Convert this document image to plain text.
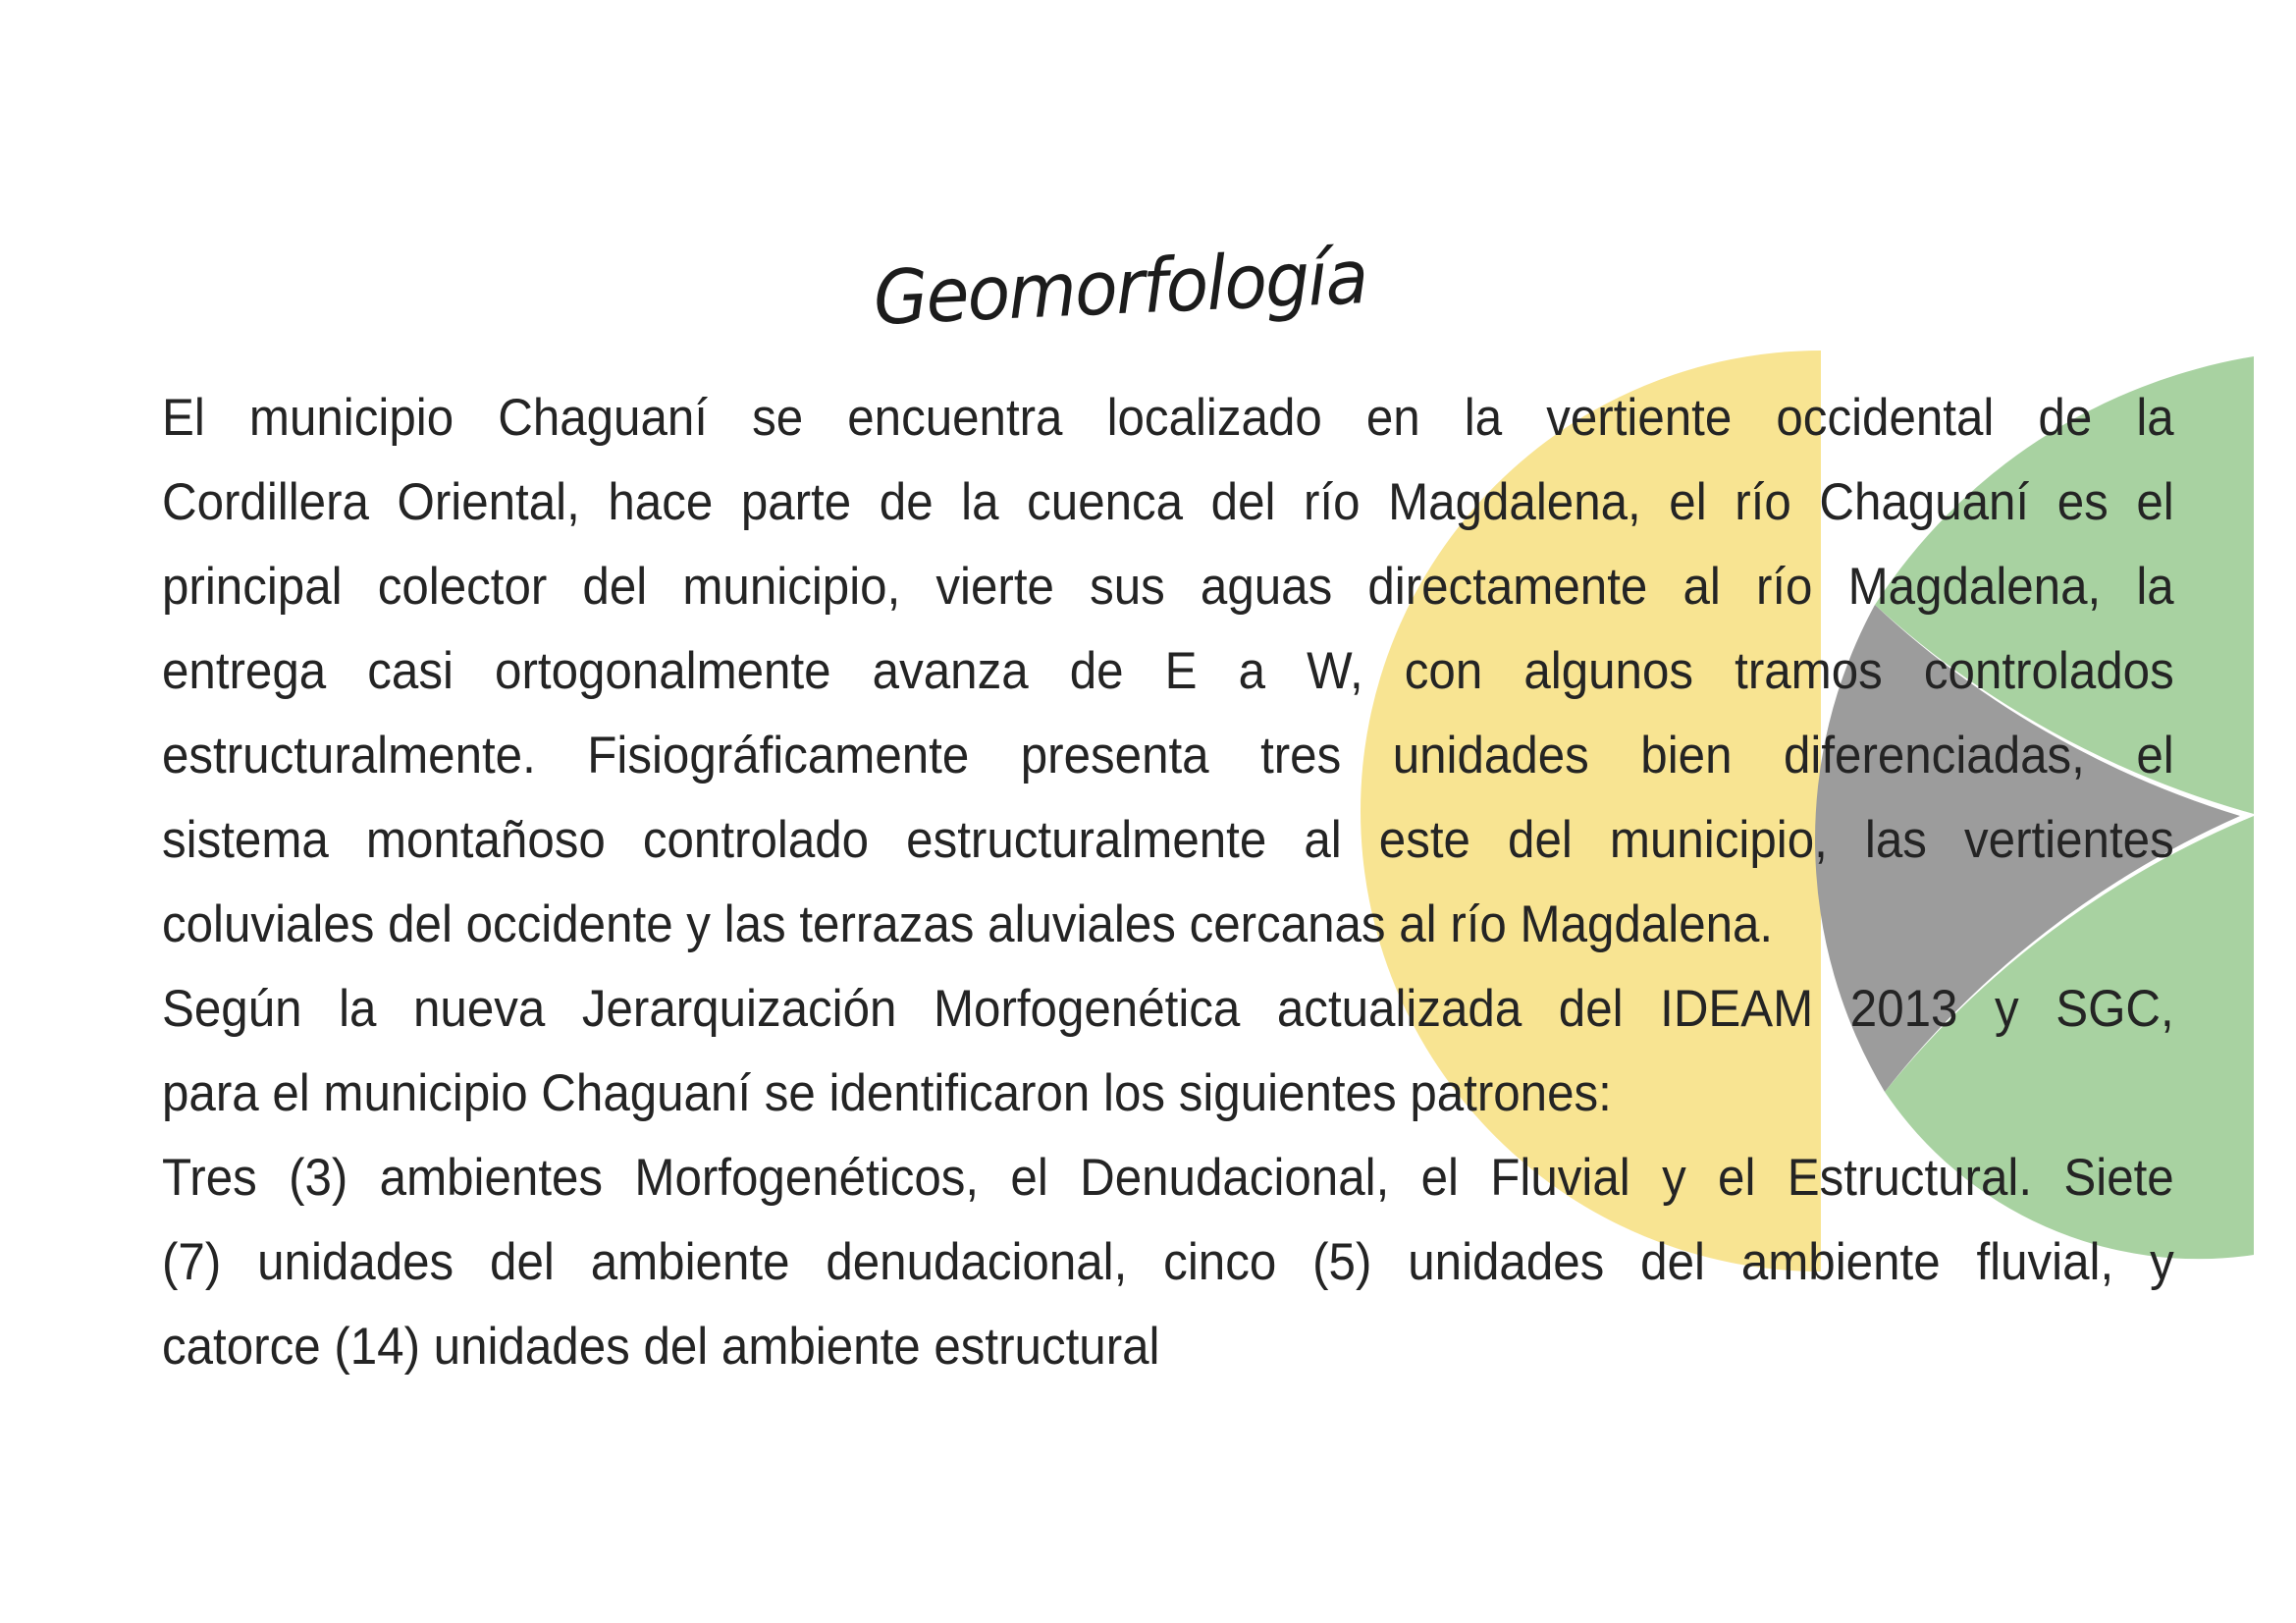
Geomorfología
El municipio Chaguaní se encuentra localizado en la vertiente occidental de la
Cordillera Oriental, hace parte de la cuenca del río Magdalena, el río Chaguaní es el
principal colector del municipio, vierte sus aguas directamente al río Magdalena, la
entrega casi ortogonalmente avanza de E a W, con algunos tramos controlados
estructuralmente. Fisiográficamente presenta tres unidades bien diferenciadas, el
sistema montañoso controlado estructuralmente al este del municipio, las vertientes
coluviales del occidente y las terrazas aluviales cercanas al río Magdalena.
Según la nueva Jerarquización Morfogenética actualizada del IDEAM 2013 y SGC,
para el municipio Chaguaní se identificaron los siguientes patrones:
Tres (3) ambientes Morfogenéticos, el Denudacional, el Fluvial y el Estructural. Siete
(7) unidades del ambiente denudacional, cinco (5) unidades del ambiente fluvial, y
catorce (14) unidades del ambiente estructural
